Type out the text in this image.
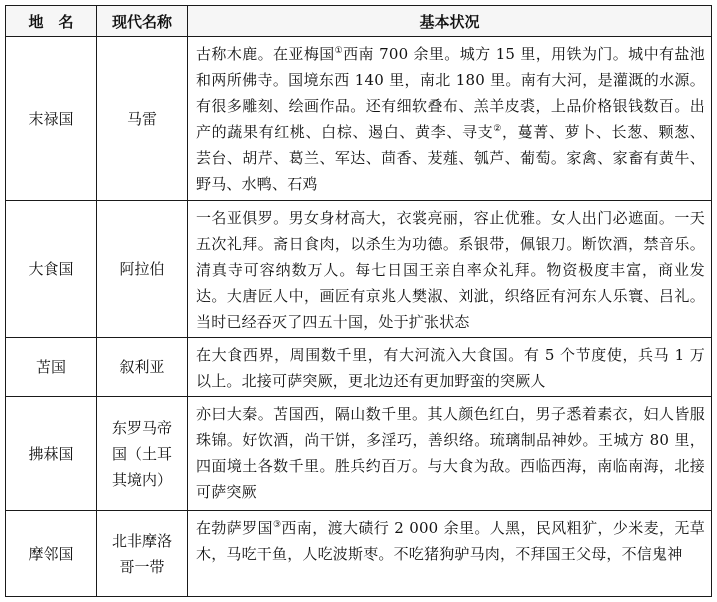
地　名	现代名称	基本状况
末禄国	马雷	古称木鹿。在亚梅国①西南 700 余里。城方 15 里，用铁为门。城中有盐池和两所佛寺。国境东西 140 里，南北 180 里。南有大河，是灌溉的水源。有很多雕刻、绘画作品。还有细软叠布、羔羊皮裘，上品价格银钱数百。出产的蔬果有红桃、白棕、遏白、黄李、寻支②，蔓菁、萝卜、长葱、颗葱、芸台、胡芹、葛兰、军达、茴香、茇薤、瓠芦、葡萄。家禽、家畜有黄牛、野马、水鸭、石鸡
大食国	阿拉伯	一名亚俱罗。男女身材高大，衣裳亮丽，容止优雅。女人出门必遮面。一天五次礼拜。斋日食肉，以杀生为功德。系银带，佩银刀。断饮酒，禁音乐。清真寺可容纳数万人。每七日国王亲自率众礼拜。物资极度丰富，商业发达。大唐匠人中，画匠有京兆人樊淑、刘泚，织络匠有河东人乐寰、吕礼。当时已经吞灭了四五十国，处于扩张状态
苫国	叙利亚	在大食西界，周围数千里，有大河流入大食国。有 5 个节度使，兵马 1 万以上。北接可萨突厥，更北边还有更加野蛮的突厥人
拂菻国	东罗马帝国（土耳其境内）	亦曰大秦。苫国西，隔山数千里。其人颜色红白，男子悉着素衣，妇人皆服珠锦。好饮酒，尚干饼，多淫巧，善织络。琉璃制品神妙。王城方 80 里，四面境土各数千里。胜兵约百万。与大食为敌。西临西海，南临南海，北接可萨突厥
摩邻国	北非摩洛哥一带	在勃萨罗国③西南，渡大碛行 2 000 余里。人黑，民风粗犷，少米麦，无草木，马吃干鱼，人吃波斯枣。不吃猪狗驴马肉，不拜国王父母，不信鬼神
